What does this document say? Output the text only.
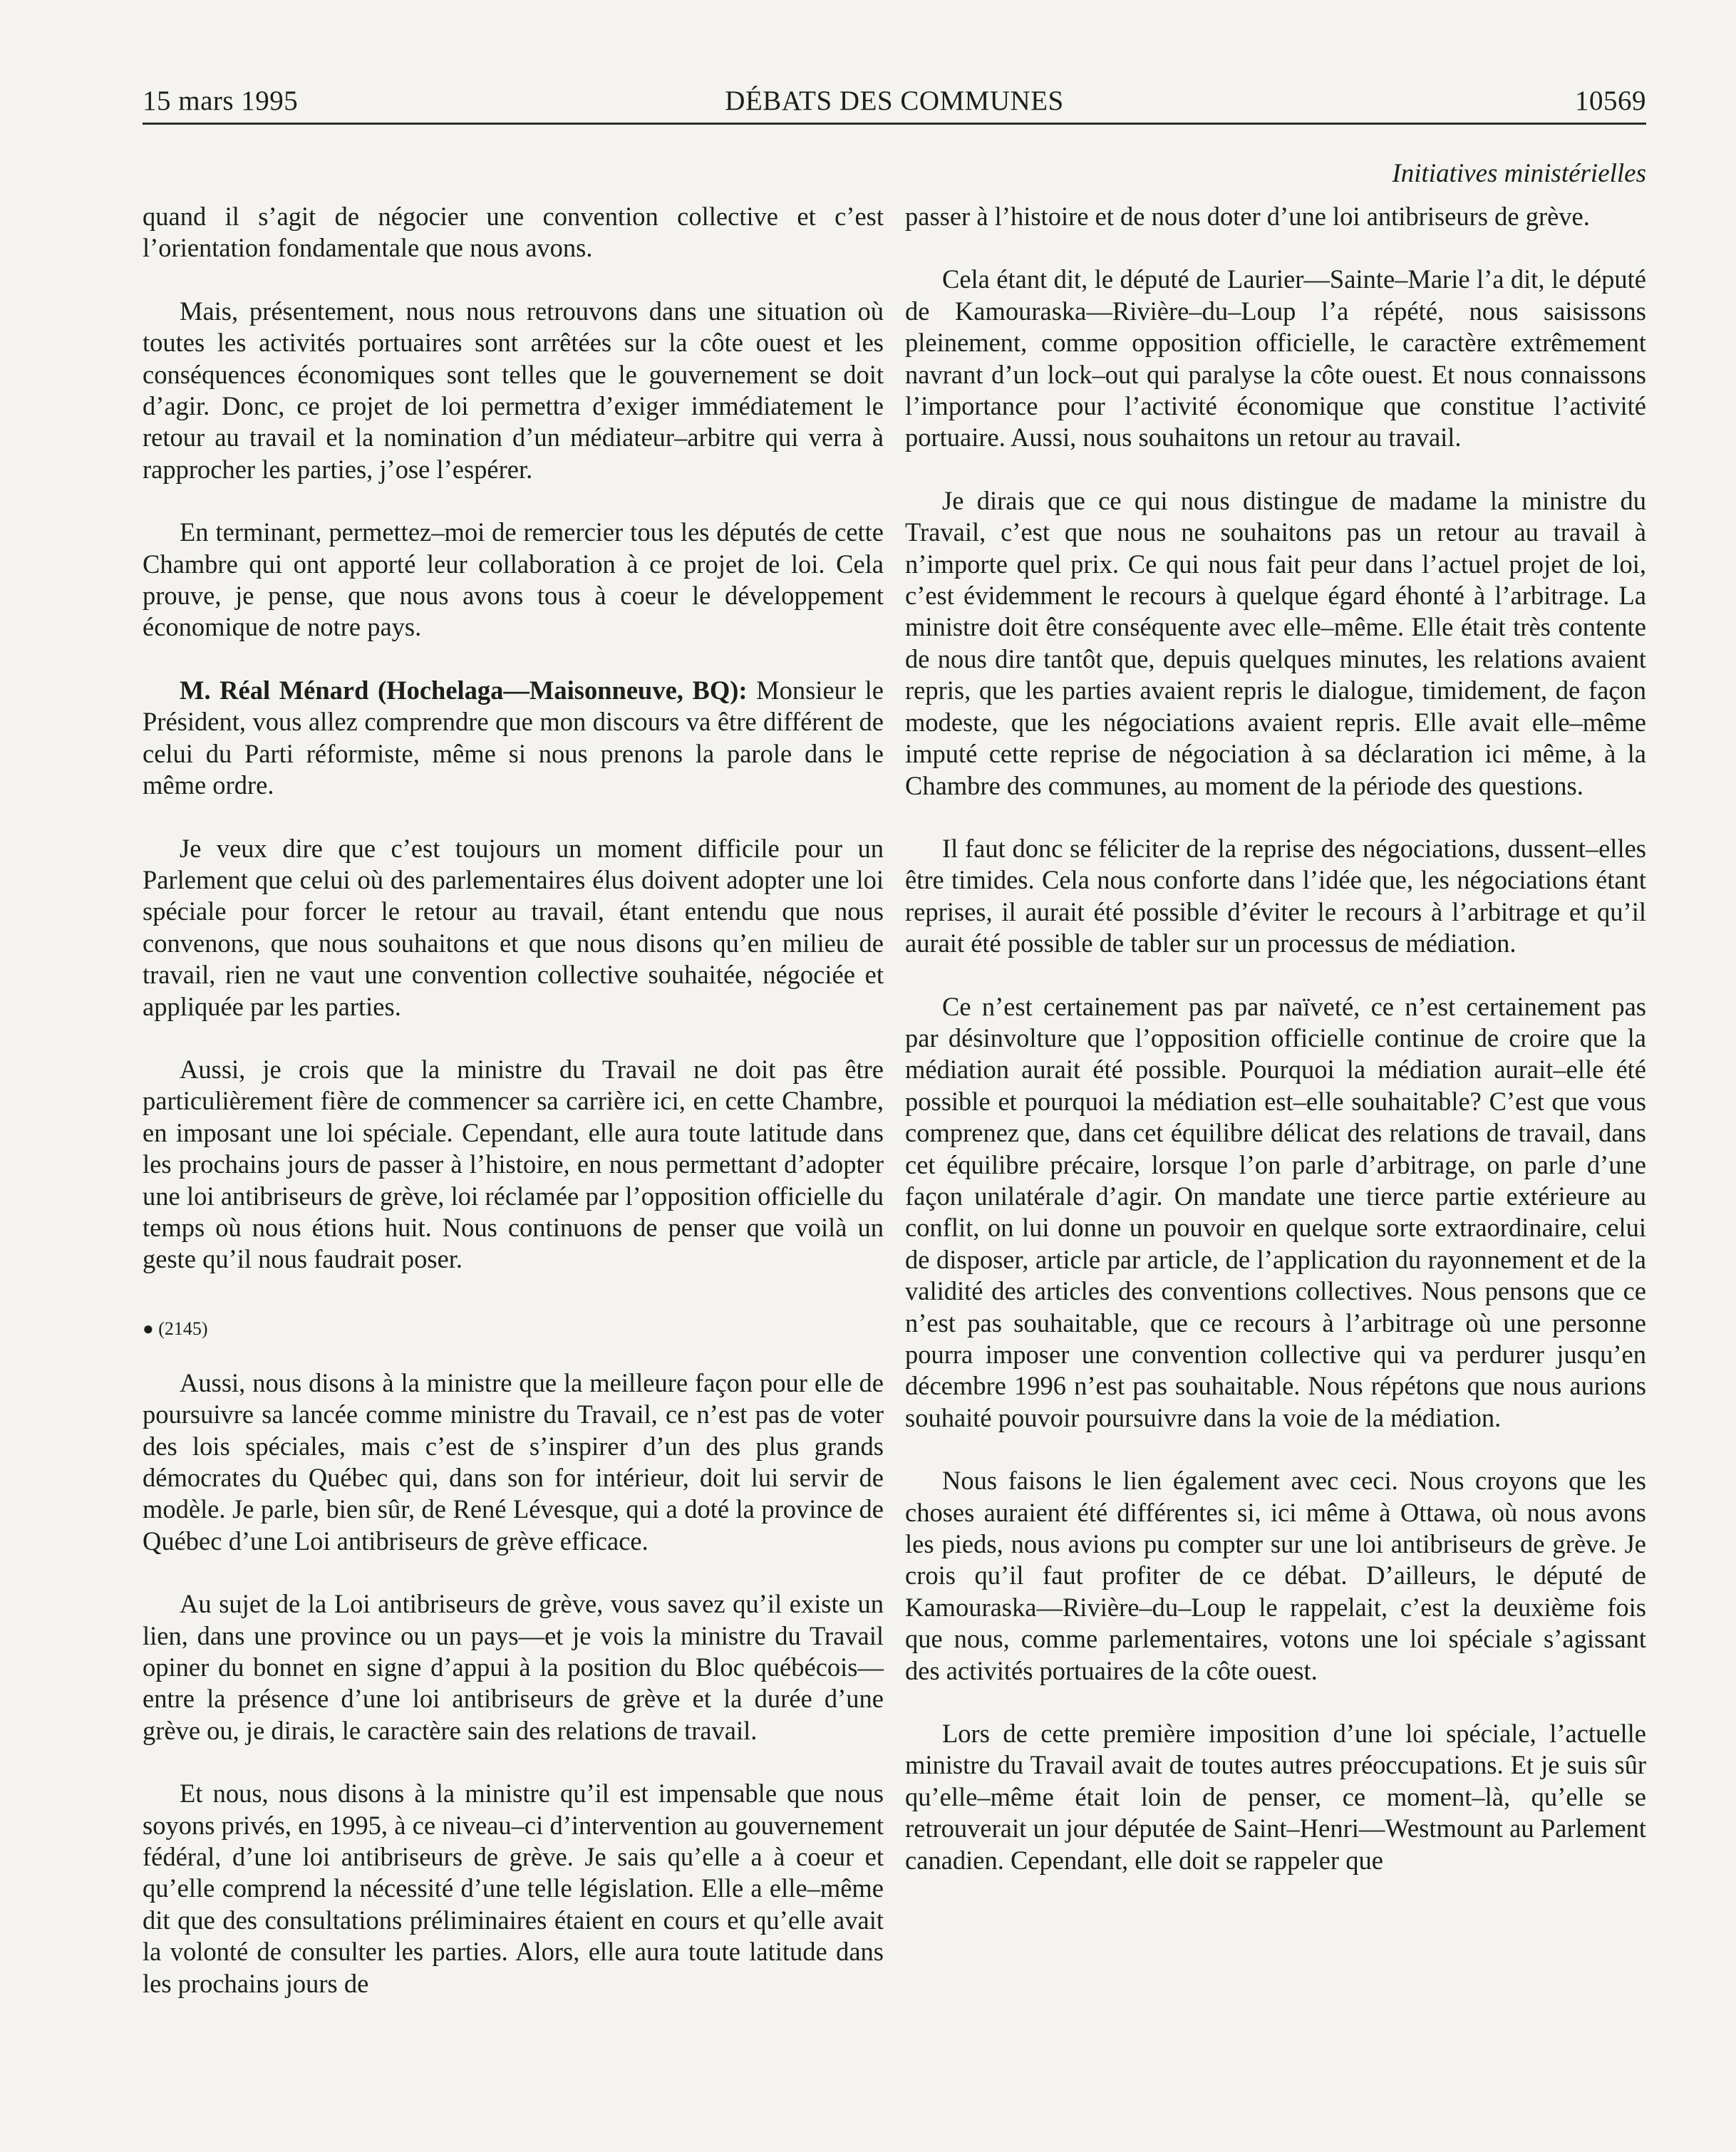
15 mars 1995	DÉBATS DES COMMUNES	10569
Initiatives ministérielles

quand il s’agit de négocier une convention collective et c’est l’orientation fondamentale que nous avons.

Mais, présentement, nous nous retrouvons dans une situation où toutes les activités portuaires sont arrêtées sur la côte ouest et les conséquences économiques sont telles que le gouvernement se doit d’agir. Donc, ce projet de loi permettra d’exiger immédiatement le retour au travail et la nomination d’un médiateur–arbitre qui verra à rapprocher les parties, j’ose l’espérer.

En terminant, permettez–moi de remercier tous les députés de cette Chambre qui ont apporté leur collaboration à ce projet de loi. Cela prouve, je pense, que nous avons tous à coeur le développement économique de notre pays.

M. Réal Ménard (Hochelaga—Maisonneuve, BQ): Monsieur le Président, vous allez comprendre que mon discours va être différent de celui du Parti réformiste, même si nous prenons la parole dans le même ordre.

Je veux dire que c’est toujours un moment difficile pour un Parlement que celui où des parlementaires élus doivent adopter une loi spéciale pour forcer le retour au travail, étant entendu que nous convenons, que nous souhaitons et que nous disons qu’en milieu de travail, rien ne vaut une convention collective souhaitée, négociée et appliquée par les parties.

Aussi, je crois que la ministre du Travail ne doit pas être particulièrement fière de commencer sa carrière ici, en cette Chambre, en imposant une loi spéciale. Cependant, elle aura toute latitude dans les prochains jours de passer à l’histoire, en nous permettant d’adopter une loi antibriseurs de grève, loi réclamée par l’opposition officielle du temps où nous étions huit. Nous continuons de penser que voilà un geste qu’il nous faudrait poser.

● (2145)

Aussi, nous disons à la ministre que la meilleure façon pour elle de poursuivre sa lancée comme ministre du Travail, ce n’est pas de voter des lois spéciales, mais c’est de s’inspirer d’un des plus grands démocrates du Québec qui, dans son for intérieur, doit lui servir de modèle. Je parle, bien sûr, de René Lévesque, qui a doté la province de Québec d’une Loi antibriseurs de grève efficace.

Au sujet de la Loi antibriseurs de grève, vous savez qu’il existe un lien, dans une province ou un pays—et je vois la ministre du Travail opiner du bonnet en signe d’appui à la position du Bloc québécois—entre la présence d’une loi antibriseurs de grève et la durée d’une grève ou, je dirais, le caractère sain des relations de travail.

Et nous, nous disons à la ministre qu’il est impensable que nous soyons privés, en 1995, à ce niveau–ci d’intervention au gouvernement fédéral, d’une loi antibriseurs de grève. Je sais qu’elle a à coeur et qu’elle comprend la nécessité d’une telle législation. Elle a elle–même dit que des consultations préliminaires étaient en cours et qu’elle avait la volonté de consulter les parties. Alors, elle aura toute latitude dans les prochains jours de

passer à l’histoire et de nous doter d’une loi antibriseurs de grève.

Cela étant dit, le député de Laurier—Sainte–Marie l’a dit, le député de Kamouraska—Rivière–du–Loup l’a répété, nous saisissons pleinement, comme opposition officielle, le caractère extrêmement navrant d’un lock–out qui paralyse la côte ouest. Et nous connaissons l’importance pour l’activité économique que constitue l’activité portuaire. Aussi, nous souhaitons un retour au travail.

Je dirais que ce qui nous distingue de madame la ministre du Travail, c’est que nous ne souhaitons pas un retour au travail à n’importe quel prix. Ce qui nous fait peur dans l’actuel projet de loi, c’est évidemment le recours à quelque égard éhonté à l’arbitrage. La ministre doit être conséquente avec elle–même. Elle était très contente de nous dire tantôt que, depuis quelques minutes, les relations avaient repris, que les parties avaient repris le dialogue, timidement, de façon modeste, que les négociations avaient repris. Elle avait elle–même imputé cette reprise de négociation à sa déclaration ici même, à la Chambre des communes, au moment de la période des questions.

Il faut donc se féliciter de la reprise des négociations, dussent–elles être timides. Cela nous conforte dans l’idée que, les négociations étant reprises, il aurait été possible d’éviter le recours à l’arbitrage et qu’il aurait été possible de tabler sur un processus de médiation.

Ce n’est certainement pas par naïveté, ce n’est certainement pas par désinvolture que l’opposition officielle continue de croire que la médiation aurait été possible. Pourquoi la médiation aurait–elle été possible et pourquoi la médiation est–elle souhaitable? C’est que vous comprenez que, dans cet équilibre délicat des relations de travail, dans cet équilibre précaire, lorsque l’on parle d’arbitrage, on parle d’une façon unilatérale d’agir. On mandate une tierce partie extérieure au conflit, on lui donne un pouvoir en quelque sorte extraordinaire, celui de disposer, article par article, de l’application du rayonnement et de la validité des articles des conventions collectives. Nous pensons que ce n’est pas souhaitable, que ce recours à l’arbitrage où une personne pourra imposer une convention collective qui va perdurer jusqu’en décembre 1996 n’est pas souhaitable. Nous répétons que nous aurions souhaité pouvoir poursuivre dans la voie de la médiation.

Nous faisons le lien également avec ceci. Nous croyons que les choses auraient été différentes si, ici même à Ottawa, où nous avons les pieds, nous avions pu compter sur une loi antibriseurs de grève. Je crois qu’il faut profiter de ce débat. D’ailleurs, le député de Kamouraska—Rivière–du–Loup le rappelait, c’est la deuxième fois que nous, comme parlementaires, votons une loi spéciale s’agissant des activités portuaires de la côte ouest.

Lors de cette première imposition d’une loi spéciale, l’actuelle ministre du Travail avait de toutes autres préoccupations. Et je suis sûr qu’elle–même était loin de penser, ce moment–là, qu’elle se retrouverait un jour députée de Saint–Henri—Westmount au Parlement canadien. Cependant, elle doit se rappeler que
